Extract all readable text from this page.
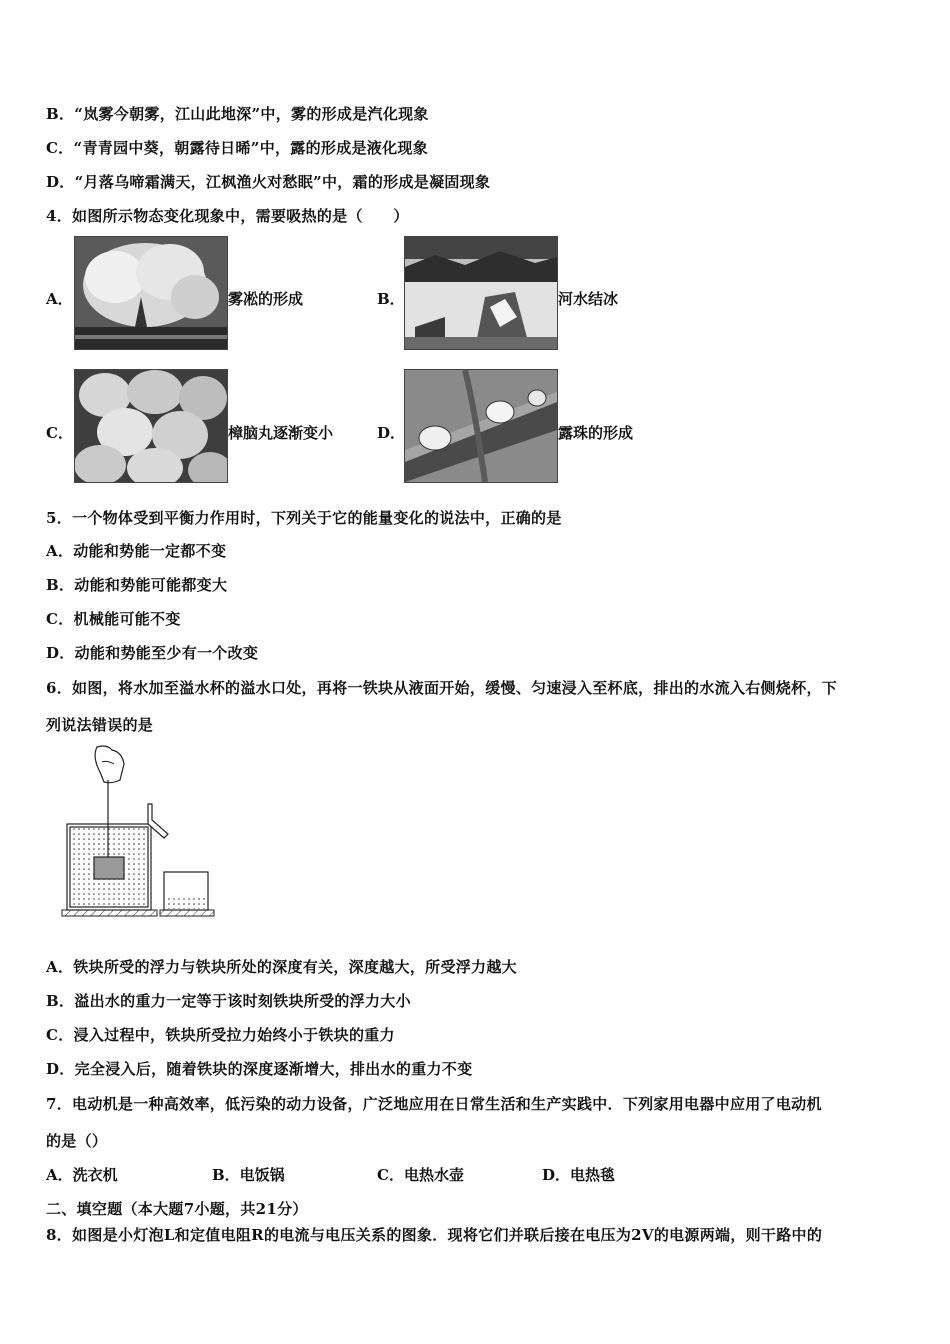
B．“岚雾今朝雾，江山此地深”中，雾的形成是汽化现象
C．“青青园中葵，朝露待日晞”中，露的形成是液化现象
D．“月落乌啼霜满天，江枫渔火对愁眠”中，霜的形成是凝固现象
4．如图所示物态变化现象中，需要吸热的是（　　）
A．	雾凇的形成	B．	河水结冰
C．	樟脑丸逐渐变小	D．	露珠的形成
5．一个物体受到平衡力作用时，下列关于它的能量变化的说法中，正确的是
A．动能和势能一定都不变
B．动能和势能可能都变大
C．机械能可能不变
D．动能和势能至少有一个改变
6．如图，将水加至溢水杯的溢水口处，再将一铁块从液面开始，缓慢、匀速浸入至杯底，排出的水流入右侧烧杯，下
列说法错误的是
A．铁块所受的浮力与铁块所处的深度有关，深度越大，所受浮力越大
B．溢出水的重力一定等于该时刻铁块所受的浮力大小
C．浸入过程中，铁块所受拉力始终小于铁块的重力
D．完全浸入后，随着铁块的深度逐渐增大，排出水的重力不变
7．电动机是一种高效率，低污染的动力设备，广泛地应用在日常生活和生产实践中．下列家用电器中应用了电动机
的是（）
A．洗衣机	B．电饭锅	C．电热水壶	D．电热毯
二、填空题（本大题7小题，共21分）
8．如图是小灯泡L和定值电阻R的电流与电压关系的图象．现将它们并联后接在电压为2V的电源两端，则干路中的
